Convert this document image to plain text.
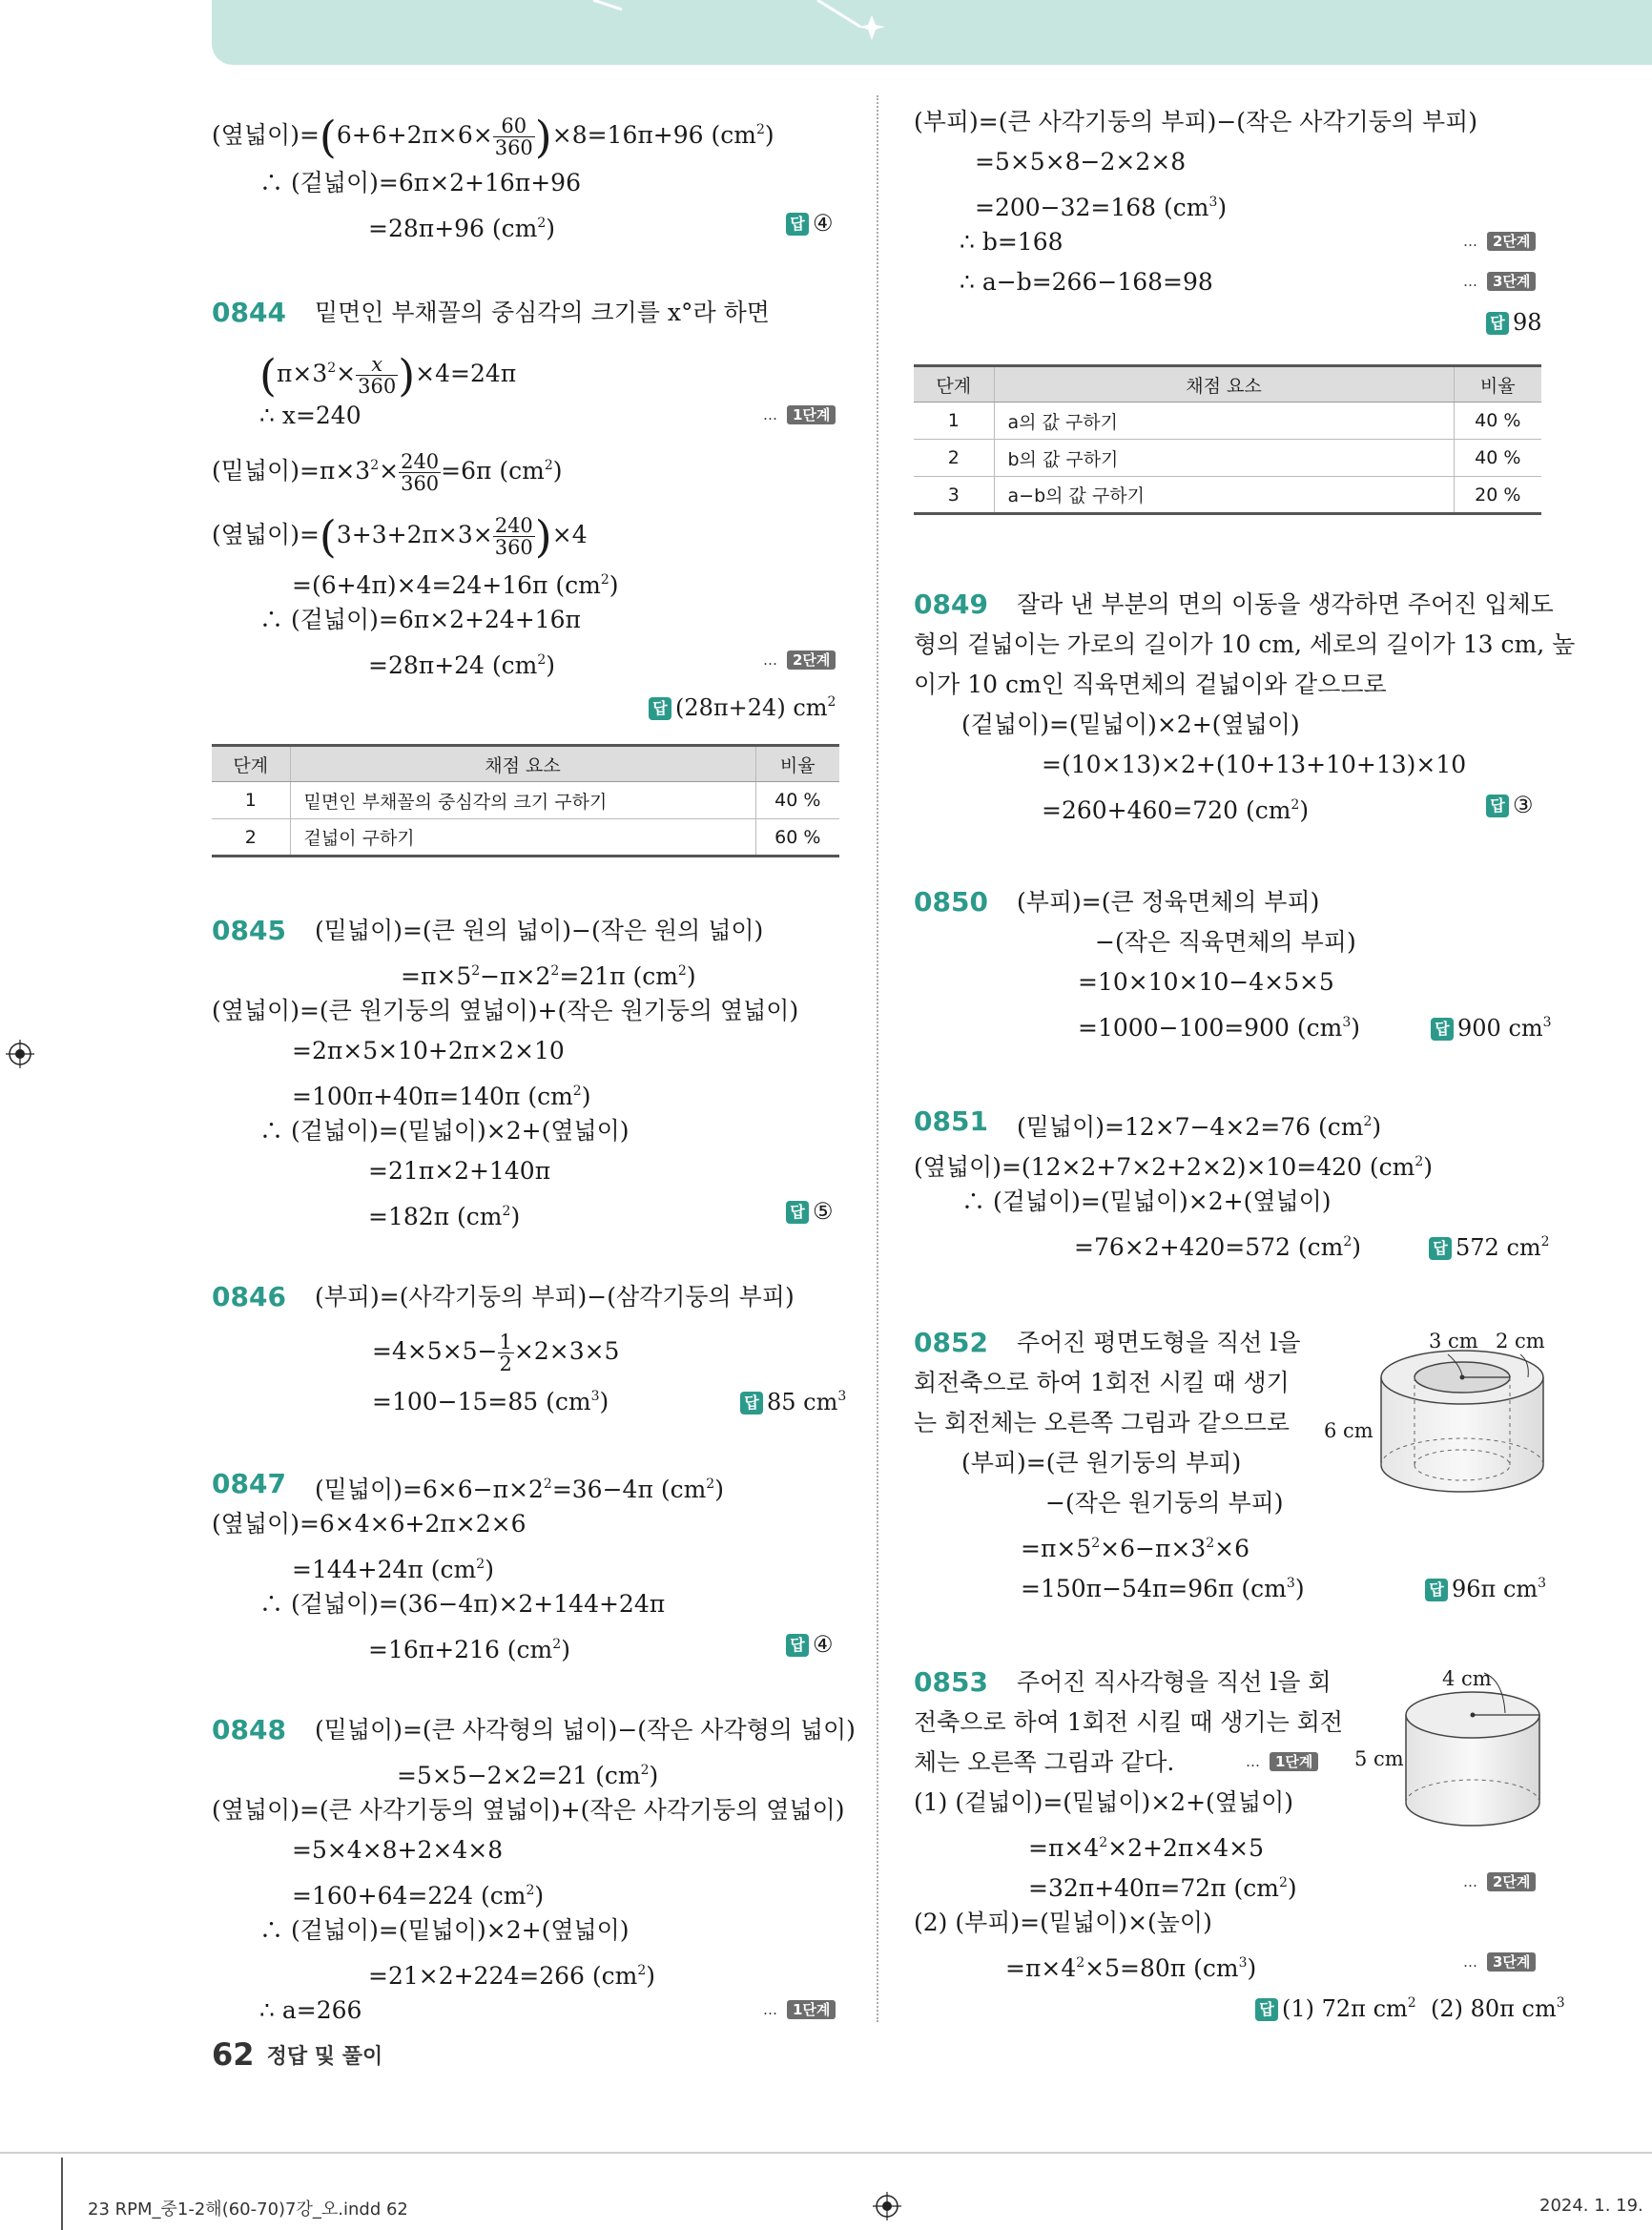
(옆넓이)$=(6+6+2\pi\times 6\times \frac{60}{360} )\times 8=16\pi+96$ $(cm^2)$
∴ (겉넓이)=6π×2+16π+96
=28π+96 $(cm^2)$	답 ④
0844 밑면인 부채꼴의 중심각의 크기를 x°라 하면
$(\pi\times 3^2\times \frac{x}{360} )\times 4=24\pi$
∴ x=240	… 1단계
(밑넓이)$=\pi\times 3^2\times \frac{240}{360} =6\pi$ $(cm^2)$
(옆넓이)$=(3+3+2\pi\times 3\times \frac{240}{360} )\times 4$
=(6+4π)×4=24+16π $(cm^2)$
∴ (겉넓이)=6π×2+24+16π
=28π+24 $(cm^2)$	… 2단계
답 (28π+24) $cm^2$
단계	채점 요소	비율
1	밑면인 부채꼴의 중심각의 크기 구하기	40 %
2	겉넓이 구하기	60 %
0845 (밑넓이)=(큰 원의 넓이)−(작은 원의 넓이)
$=\pi\times 5^2-\pi\times 2^2=21\pi$ $(cm^2)$
(옆넓이)=(큰 원기둥의 옆넓이)+(작은 원기둥의 옆넓이)
=2π×5×10+2π×2×10
=100π+40π=140π $(cm^2)$
∴ (겉넓이)=(밑넓이)×2+(옆넓이)
=21π×2+140π
=182π $(cm^2)$	답 ⑤
0846 (부피)=(사각기둥의 부피)−(삼각기둥의 부피)
$=4\times 5\times 5- \frac{1}{2} \times 2\times 3\times 5$
=100−15=85 $(cm^3)$	답 85 $cm^3$
0847 (밑넓이)$=6\times 6-\pi\times 2^2=36-4\pi$ $(cm^2)$
(옆넓이)=6×4×6+2π×2×6
=144+24π $(cm^2)$
∴ (겉넓이)=(36−4π)×2+144+24π
=16π+216 $(cm^2)$	답 ④
0848 (밑넓이)=(큰 사각형의 넓이)−(작은 사각형의 넓이)
=5×5−2×2=21 $(cm^2)$
(옆넓이)=(큰 사각기둥의 옆넓이)+(작은 사각기둥의 옆넓이)
=5×4×8+2×4×8
=160+64=224 $(cm^2)$
∴ (겉넓이)=(밑넓이)×2+(옆넓이)
=21×2+224=266 $(cm^2)$
∴ a=266	… 1단계
(부피)=(큰 사각기둥의 부피)−(작은 사각기둥의 부피)
=5×5×8−2×2×8
=200−32=168 $(cm^3)$
∴ b=168	… 2단계
∴ a−b=266−168=98	… 3단계
답 98
단계	채점 요소	비율
1	a의 값 구하기	40 %
2	b의 값 구하기	40 %
3	a−b의 값 구하기	20 %
0849 잘라 낸 부분의 면의 이동을 생각하면 주어진 입체도
형의 겉넓이는 가로의 길이가 10 cm, 세로의 길이가 13 cm, 높
이가 10 cm인 직육면체의 겉넓이와 같으므로
(겉넓이)=(밑넓이)×2+(옆넓이)
=(10×13)×2+(10+13+10+13)×10
=260+460=720 $(cm^2)$	답 ③
0850 (부피)=(큰 정육면체의 부피)
−(작은 직육면체의 부피)
=10×10×10−4×5×5
=1000−100=900 $(cm^3)$	답 900 $cm^3$
0851 (밑넓이)=12×7−4×2=76 $(cm^2)$
(옆넓이)=(12×2+7×2+2×2)×10=420 $(cm^2)$
∴ (겉넓이)=(밑넓이)×2+(옆넓이)
=76×2+420=572 $(cm^2)$	답 572 $cm^2$
0852 주어진 평면도형을 직선 l을
회전축으로 하여 1회전 시킬 때 생기
는 회전체는 오른쪽 그림과 같으므로
(부피)=(큰 원기둥의 부피)
−(작은 원기둥의 부피)
$=\pi\times 5^2\times 6-\pi\times 3^2\times 6$
=150π−54π=96π $(cm^3)$	답 96π $cm^3$
3 cm 2 cm
6 cm
0853 주어진 직사각형을 직선 l을 회
전축으로 하여 1회전 시킬 때 생기는 회전
체는 오른쪽 그림과 같다.	… 1단계
(1) (겉넓이)=(밑넓이)×2+(옆넓이)
$=\pi\times 4^2\times 2+2\pi\times 4\times 5$
=32π+40π=72π $(cm^2)$	… 2단계
(2) (부피)=(밑넓이)×(높이)
$=\pi\times 4^2\times 5=80\pi$ $(cm^3)$	… 3단계
답 (1) 72π $cm^2$ (2) 80π $cm^3$
4 cm
5 cm
62 정답 및 풀이
23 RPM_중1-2해(60-70)7강_오.indd 62	2024. 1. 19.
